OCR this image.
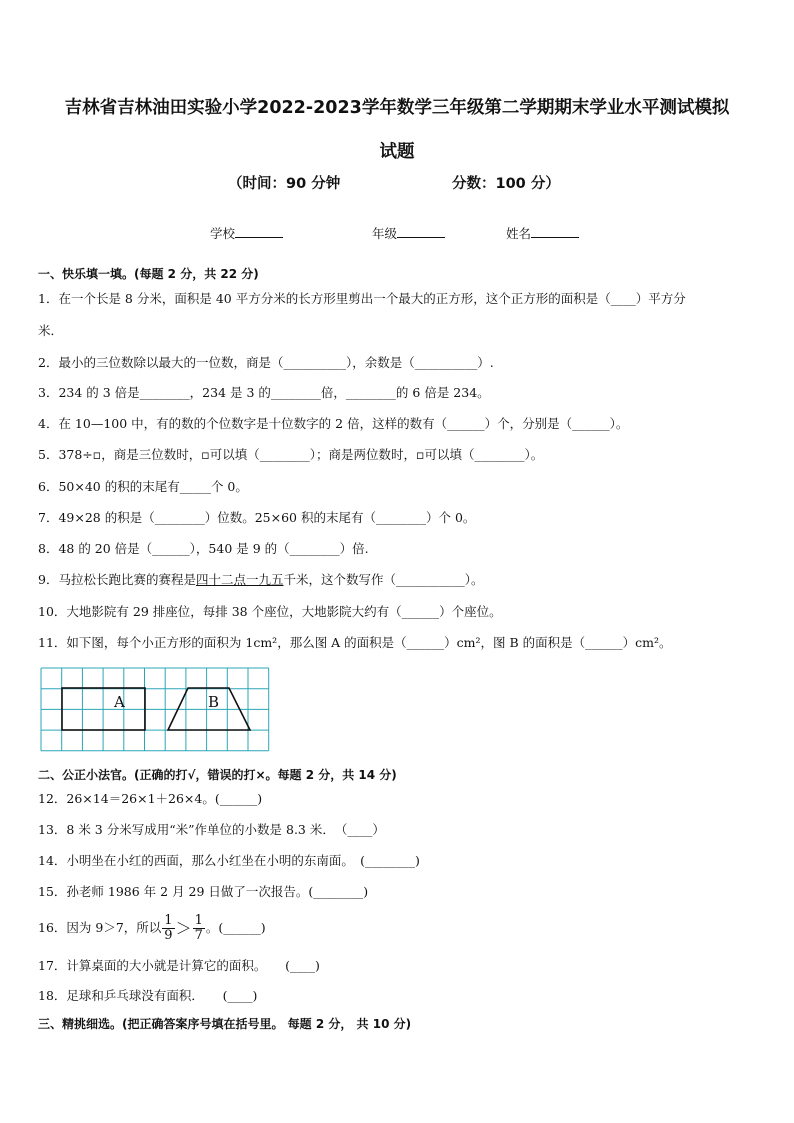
吉林省吉林油田实验小学2022-2023学年数学三年级第二学期期末学业水平测试模拟
试题
（时间：90 分钟	分数：100 分）
学校	年级	姓名
一、快乐填一填。(每题 2 分，共 22 分)
1．在一个长是 8 分米，面积是 40 平方分米的长方形里剪出一个最大的正方形，这个正方形的面积是（____）平方分
米．
2．最小的三位数除以最大的一位数，商是（__________），余数是（__________）.
3．234 的 3 倍是________，234 是 3 的________倍，________的 6 倍是 234。
4．在 10—100 中，有的数的个位数字是十位数字的 2 倍，这样的数有（______）个，分别是（______）。
5．378÷▫，商是三位数时，▫可以填（________）；商是两位数时，▫可以填（________）。
6．50×40 的积的末尾有_____个 0。
7．49×28 的积是（________）位数。25×60 积的末尾有（________）个 0。
8．48 的 20 倍是（______），540 是 9 的（________）倍.
9．马拉松长跑比赛的赛程是四十二点一九五千米，这个数写作（___________）。
10．大地影院有 29 排座位，每排 38 个座位，大地影院大约有（______）个座位。
11．如下图，每个小正方形的面积为 1cm²，那么图 A 的面积是（______）cm²，图 B 的面积是（______）cm²。
A	B
二、公正小法官。(正确的打√，错误的打×。每题 2 分，共 14 分)
12．26×14＝26×1＋26×4。(______)
13．8 米 3 分米写成用“米”作单位的小数是 8.3 米．　（____）
14．小明坐在小红的西面，那么小红坐在小明的东南面。　(________)
15．孙老师 1986 年 2 月 29 日做了一次报告。(________)
16．因为 9＞7，所以 $\frac{1}{9} > \frac{1}{7}$ 。(______)
17．计算桌面的大小就是计算它的面积。　　(____)
18．足球和乒乓球没有面积．　　(____)
三、精挑细选。(把正确答案序号填在括号里。 每题 2 分， 共 10 分)
